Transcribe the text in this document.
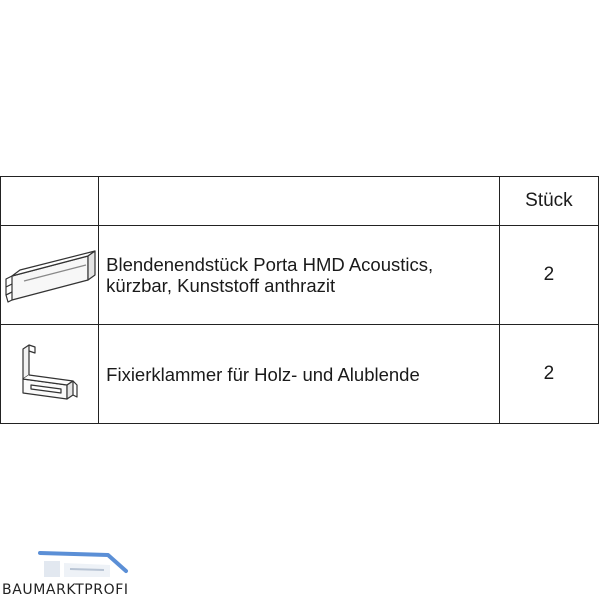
		Stück

	Blendenendstück Porta HMD Acoustics,
kürzbar, Kunststoff anthrazit	2

	Fixierklammer für Holz- und Alublende	2
BAUMARKTPROFI
